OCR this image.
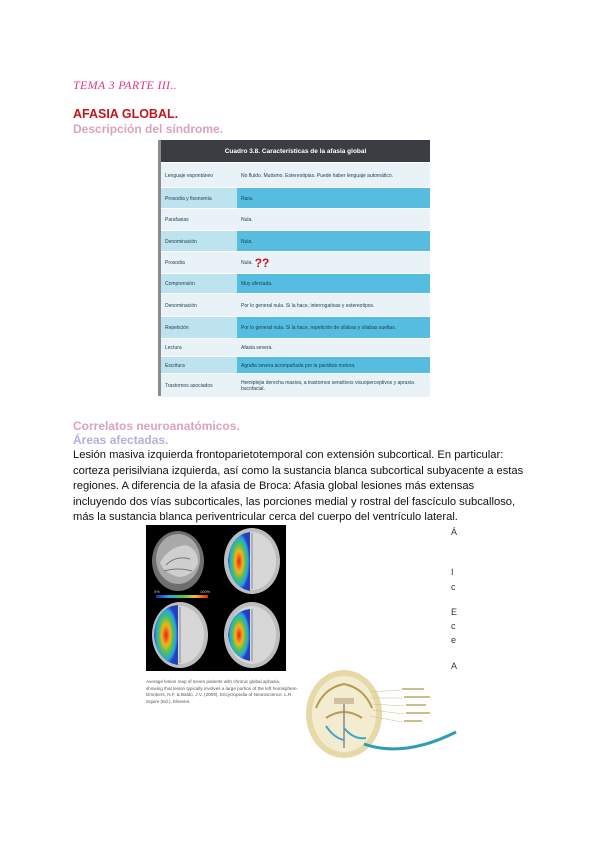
TEMA 3 PARTE III..
AFASIA GLOBAL.
Descripción del síndrome.
Cuadro 3.8. Características de la afasia global
Lenguaje espontáneo	No fluido. Mutismo. Estereotipias. Puede haber lenguaje automático.
Prosodia y fisonomía	Rara.
Parafasias	Nula.
Denominación	Nula.
Prosodia	Nula. ??
Comprensión	Muy afectada.
Denominación	Por lo general nula. Si la hace, interrogativas y estereotipos.
Repetición	Por lo general nula. Si la hace, repetición de sílabas y sílabas sueltas.
Lectura	Afasia severa.
Escritura	Agrafia severa acompañada por la parálisis motora.
Trastornos asociados	Hemiplejia derecha masiva, a trastornos sensitivos visuoperceptivos y apraxia bucofacial.
Correlatos neuroanatómicos.
Áreas afectadas.

Lesión masiva izquierda frontoparietotemporal con extensión subcortical. En particular:

corteza perisilviana izquierda, así como la sustancia blanca subcortical subyacente a estas

regiones. A diferencia de la afasia de Broca: Afasia global lesiones más extensas

incluyendo dos vías subcorticales, las porciones medial y rostral del fascículo subcalloso,

más la sustancia blanca periventricular cerca del cuerpo del ventrículo lateral.

0%	100%
Average lesion map of seven patients with chronic global aphasia, showing that lesion typically involves a large portion of the left hemisphere. Dronkers, N.F. & Baldo, J.V. (2009). Encyclopedia of Neuroscience. L.R. Squire (Ed.), Elsevier.
Á
I
c
E
c
e
A
